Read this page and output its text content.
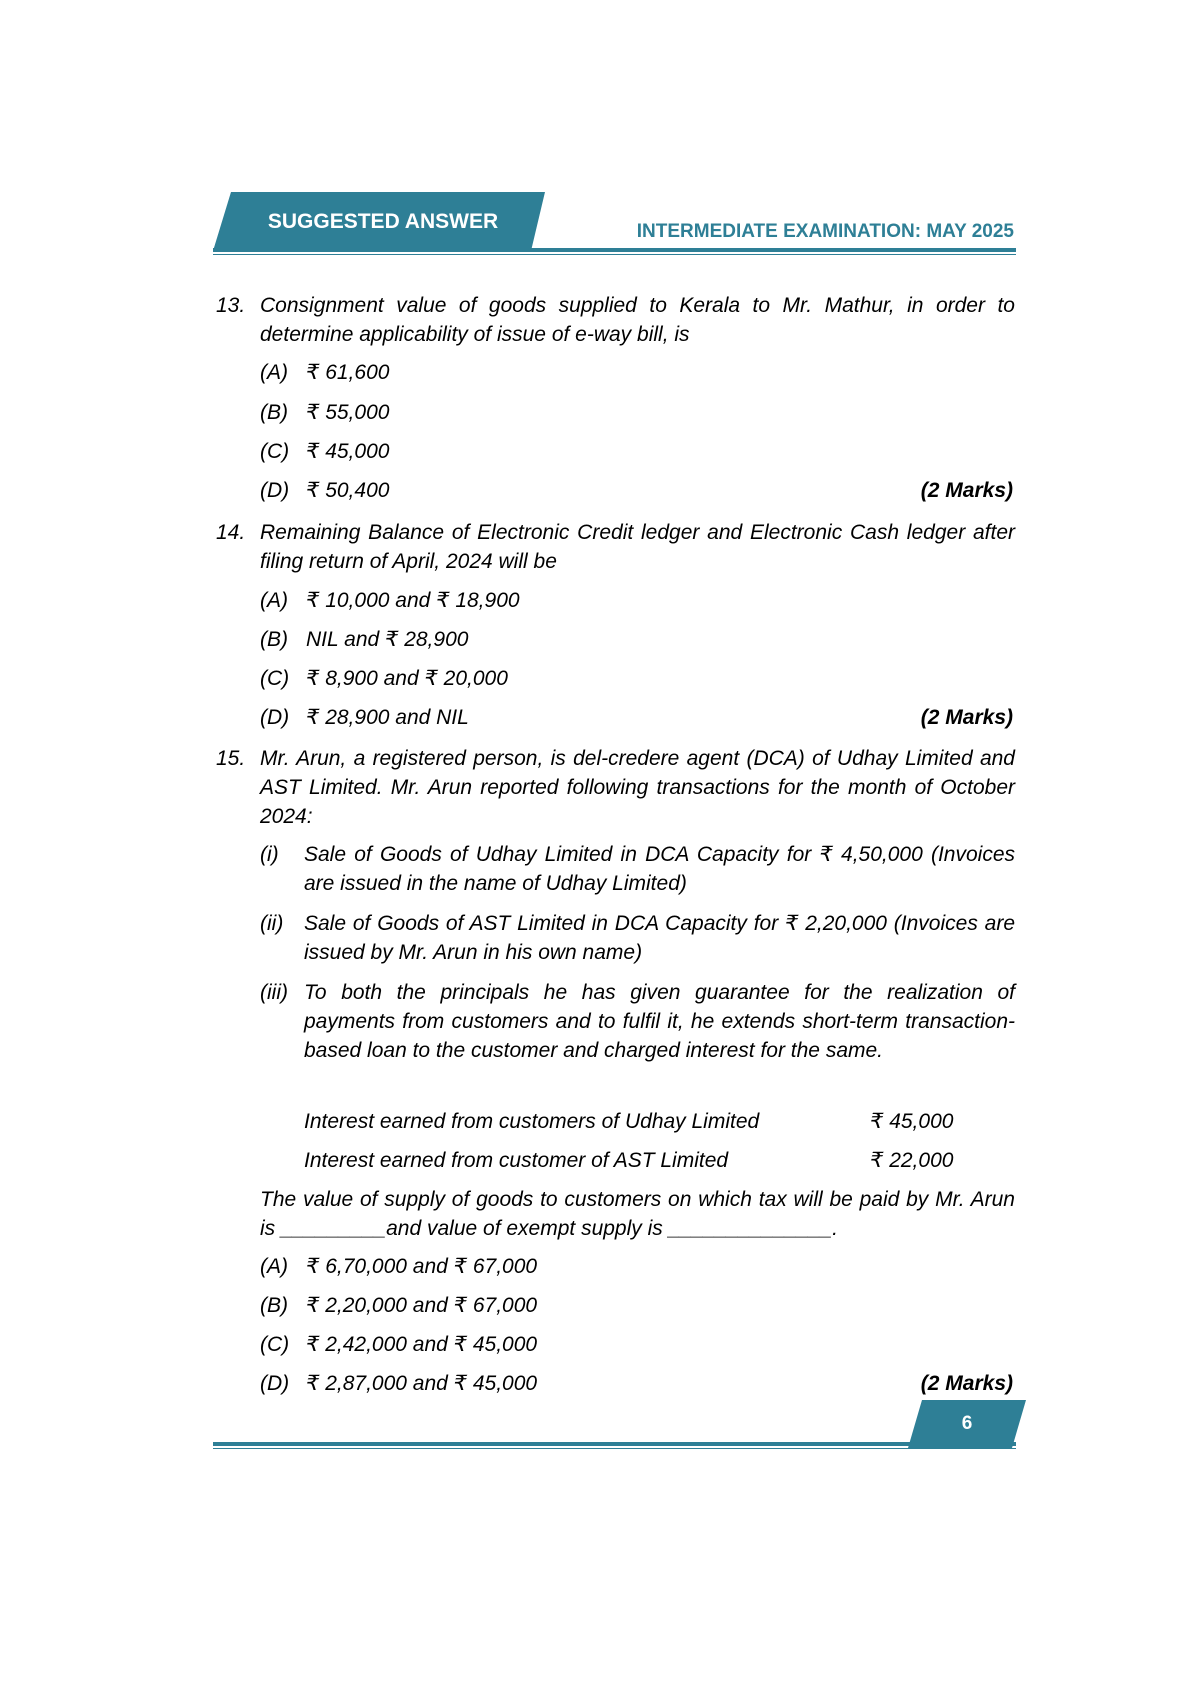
SUGGESTED ANSWER	INTERMEDIATE EXAMINATION: MAY 2025
13. Consignment value of goods supplied to Kerala to Mr. Mathur, in order to determine applicability of issue of e-way bill, is
(A) ₹ 61,600
(B) ₹ 55,000
(C) ₹ 45,000
(D) ₹ 50,400	(2 Marks)
14. Remaining Balance of Electronic Credit ledger and Electronic Cash ledger after filing return of April, 2024 will be
(A) ₹ 10,000 and ₹ 18,900
(B) NIL and ₹ 28,900
(C) ₹ 8,900 and ₹ 20,000
(D) ₹ 28,900 and NIL	(2 Marks)
15. Mr. Arun, a registered person, is del-credere agent (DCA) of Udhay Limited and AST Limited. Mr. Arun reported following transactions for the month of October 2024:
(i) Sale of Goods of Udhay Limited in DCA Capacity for ₹ 4,50,000 (Invoices are issued in the name of Udhay Limited)
(ii) Sale of Goods of AST Limited in DCA Capacity for ₹ 2,20,000 (Invoices are issued by Mr. Arun in his own name)
(iii) To both the principals he has given guarantee for the realization of payments from customers and to fulfil it, he extends short-term transaction-based loan to the customer and charged interest for the same.
Interest earned from customers of Udhay Limited	₹ 45,000
Interest earned from customer of AST Limited	₹ 22,000
The value of supply of goods to customers on which tax will be paid by Mr. Arun is _________and value of exempt supply is ______________.
(A) ₹ 6,70,000 and ₹ 67,000
(B) ₹ 2,20,000 and ₹ 67,000
(C) ₹ 2,42,000 and ₹ 45,000
(D) ₹ 2,87,000 and ₹ 45,000	(2 Marks)
6
